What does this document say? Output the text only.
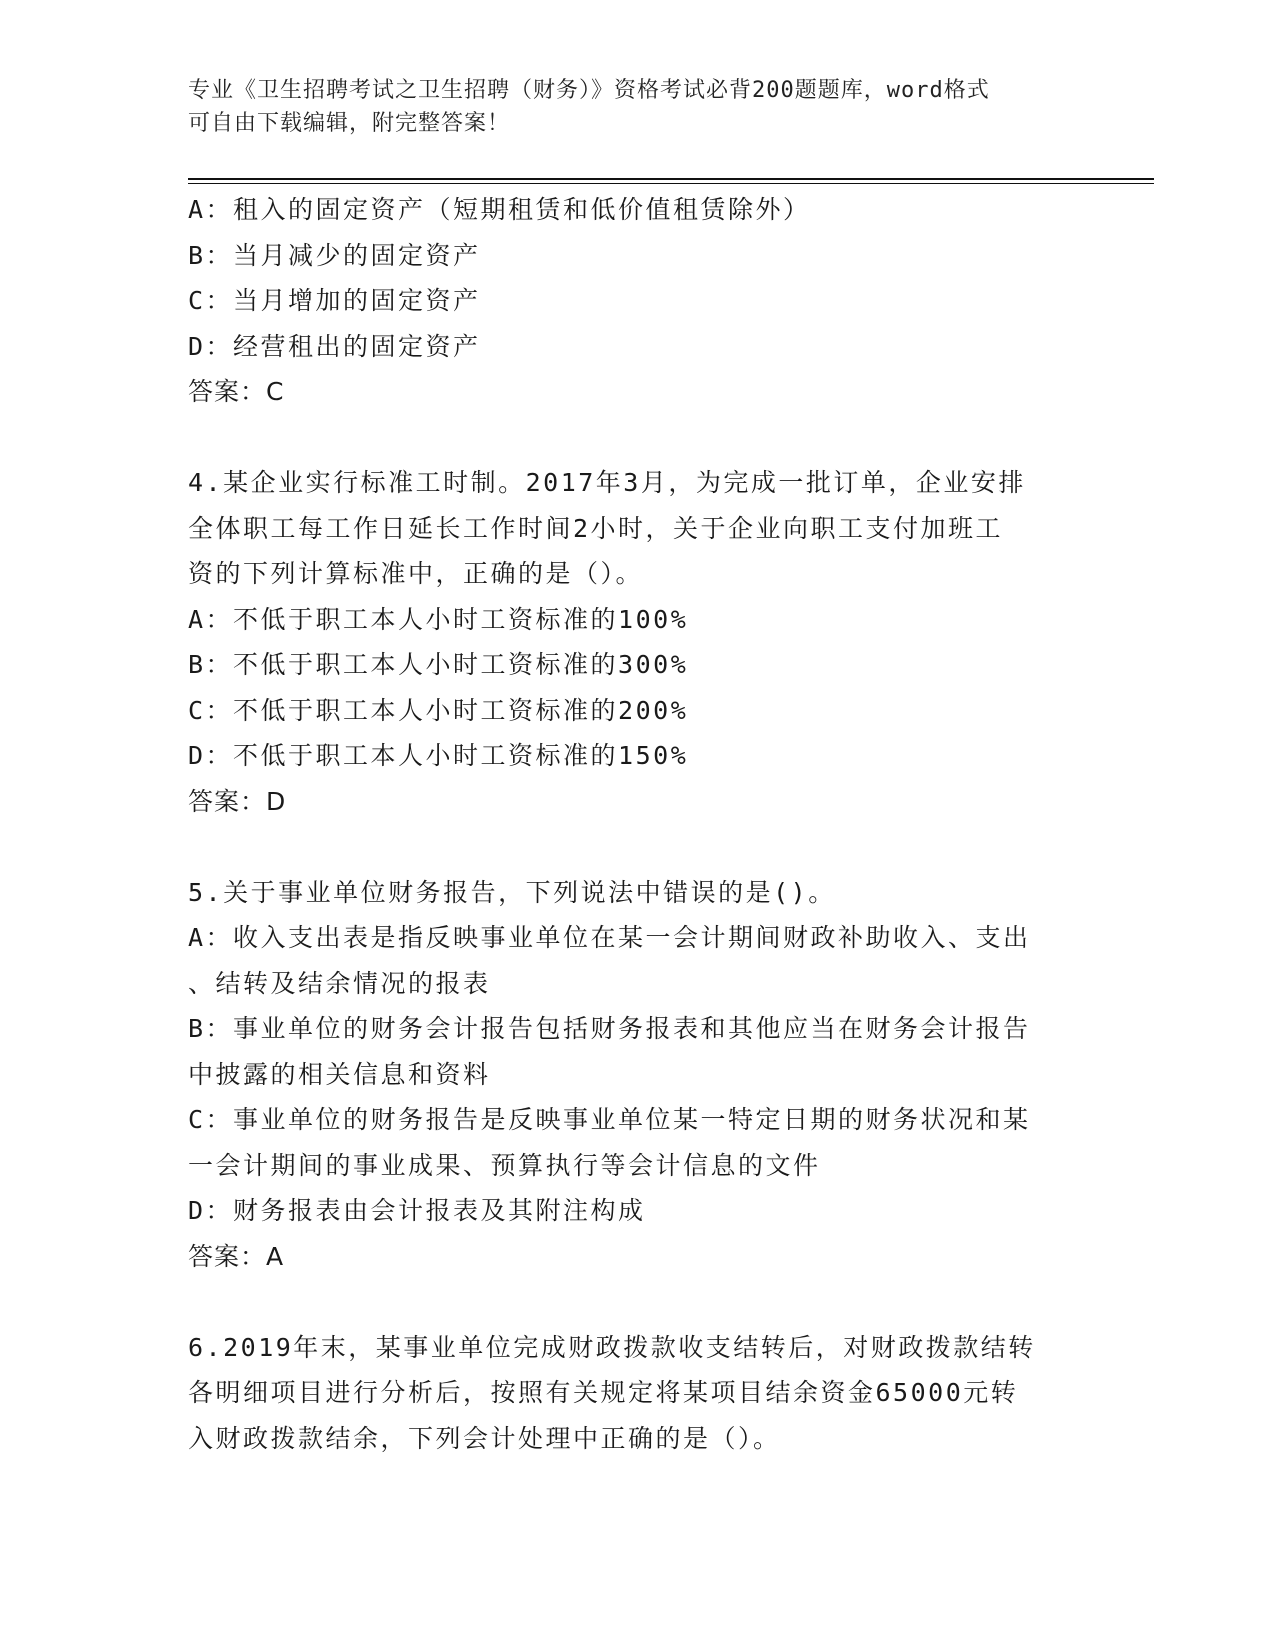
专业《卫生招聘考试之卫生招聘（财务）》资格考试必背200题题库，word格式
可自由下载编辑，附完整答案！
A：租入的固定资产（短期租赁和低价值租赁除外）
B：当月减少的固定资产
C：当月增加的固定资产
D：经营租出的固定资产
答案：C
4.某企业实行标准工时制。2017年3月，为完成一批订单，企业安排
全体职工每工作日延长工作时间2小时，关于企业向职工支付加班工
资的下列计算标准中，正确的是（）。
A：不低于职工本人小时工资标准的100%
B：不低于职工本人小时工资标准的300%
C：不低于职工本人小时工资标准的200%
D：不低于职工本人小时工资标准的150%
答案：D
5.关于事业单位财务报告，下列说法中错误的是()。
A：收入支出表是指反映事业单位在某一会计期间财政补助收入、支出
、结转及结余情况的报表
B：事业单位的财务会计报告包括财务报表和其他应当在财务会计报告
中披露的相关信息和资料
C：事业单位的财务报告是反映事业单位某一特定日期的财务状况和某
一会计期间的事业成果、预算执行等会计信息的文件
D：财务报表由会计报表及其附注构成
答案：A
6.2019年末，某事业单位完成财政拨款收支结转后，对财政拨款结转
各明细项目进行分析后，按照有关规定将某项目结余资金65000元转
入财政拨款结余，下列会计处理中正确的是（）。
